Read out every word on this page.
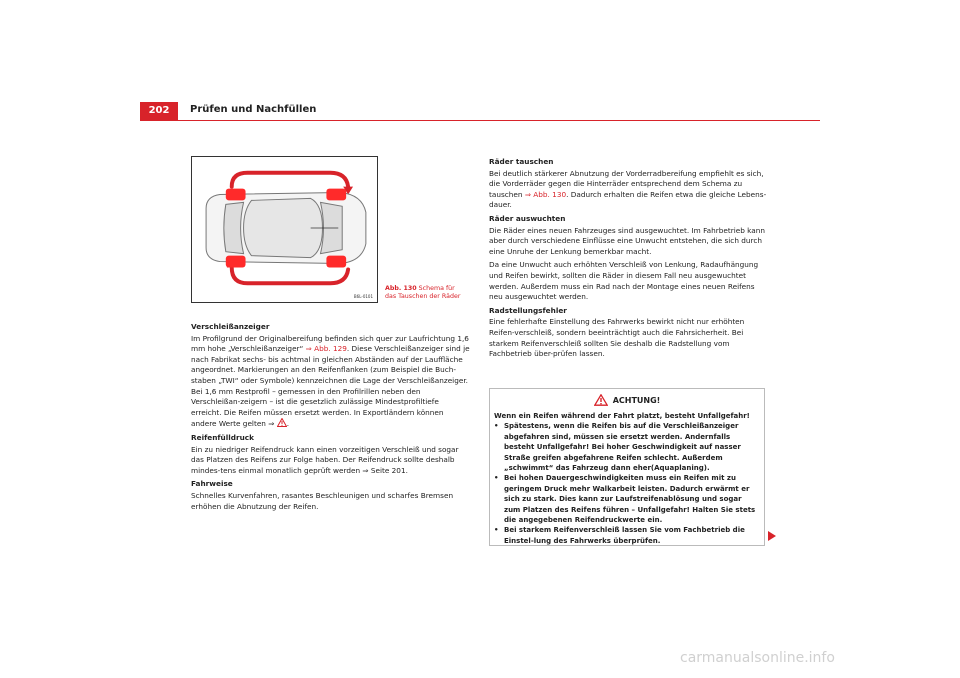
202	Prüfen und Nachfüllen
B6L-0101
Abb. 130 Schema für das Tauschen der Räder
Verschleißanzeiger

Im Profilgrund der Originalbereifung befinden sich quer zur Laufrichtung 1,6 mm hohe „Verschleißanzeiger“ ⇒ Abb. 129. Diese Verschleißanzeiger sind je nach Fabrikat sechs- bis achtmal in gleichen Abständen auf der Lauffläche angeordnet. Markierungen an den Reifenflanken (zum Beispiel die Buch-staben „TWI“ oder Symbole) kennzeichnen die Lage der Verschleißanzeiger. Bei 1,6 mm Restprofil – gemessen in den Profilrillen neben den Verschleißan-zeigern – ist die gesetzlich zulässige Mindestprofiltiefe erreicht. Die Reifen müssen ersetzt werden. In Exportländern können andere Werte gelten ⇒ .

Reifenfülldruck

Ein zu niedriger Reifendruck kann einen vorzeitigen Verschleiß und sogar das Platzen des Reifens zur Folge haben. Der Reifendruck sollte deshalb mindes-tens einmal monatlich geprüft werden ⇒ Seite 201.

Fahrweise

Schnelles Kurvenfahren, rasantes Beschleunigen und scharfes Bremsen erhöhen die Abnutzung der Reifen.

Räder tauschen

Bei deutlich stärkerer Abnutzung der Vorderradbereifung empfiehlt es sich, die Vorderräder gegen die Hinterräder entsprechend dem Schema zu tauschen ⇒ Abb. 130. Dadurch erhalten die Reifen etwa die gleiche Lebens-dauer.

Räder auswuchten

Die Räder eines neuen Fahrzeuges sind ausgewuchtet. Im Fahrbetrieb kann aber durch verschiedene Einflüsse eine Unwucht entstehen, die sich durch eine Unruhe der Lenkung bemerkbar macht.

Da eine Unwucht auch erhöhten Verschleiß von Lenkung, Radaufhängung und Reifen bewirkt, sollten die Räder in diesem Fall neu ausgewuchtet werden. Außerdem muss ein Rad nach der Montage eines neuen Reifens neu ausgewuchtet werden.

Radstellungsfehler

Eine fehlerhafte Einstellung des Fahrwerks bewirkt nicht nur erhöhten Reifen-verschleiß, sondern beeinträchtigt auch die Fahrsicherheit. Bei starkem Reifenverschleiß sollten Sie deshalb die Radstellung vom Fachbetrieb über-prüfen lassen.

ACHTUNG!

Wenn ein Reifen während der Fahrt platzt, besteht Unfallgefahr!

• Spätestens, wenn die Reifen bis auf die Verschleißanzeiger abgefahren sind, müssen sie ersetzt werden. Andernfalls besteht Unfallgefahr! Bei hoher Geschwindigkeit auf nasser Straße greifen abgefahrene Reifen schlecht. Außerdem „schwimmt“ das Fahrzeug dann eher(Aquaplaning).
• Bei hohen Dauergeschwindigkeiten muss ein Reifen mit zu geringem Druck mehr Walkarbeit leisten. Dadurch erwärmt er sich zu stark. Dies kann zur Laufstreifenablösung und sogar zum Platzen des Reifens führen – Unfallgefahr! Halten Sie stets die angegebenen Reifendruckwerte ein.
• Bei starkem Reifenverschleiß lassen Sie vom Fachbetrieb die Einstel-lung des Fahrwerks überprüfen.
carmanualsonline.info
